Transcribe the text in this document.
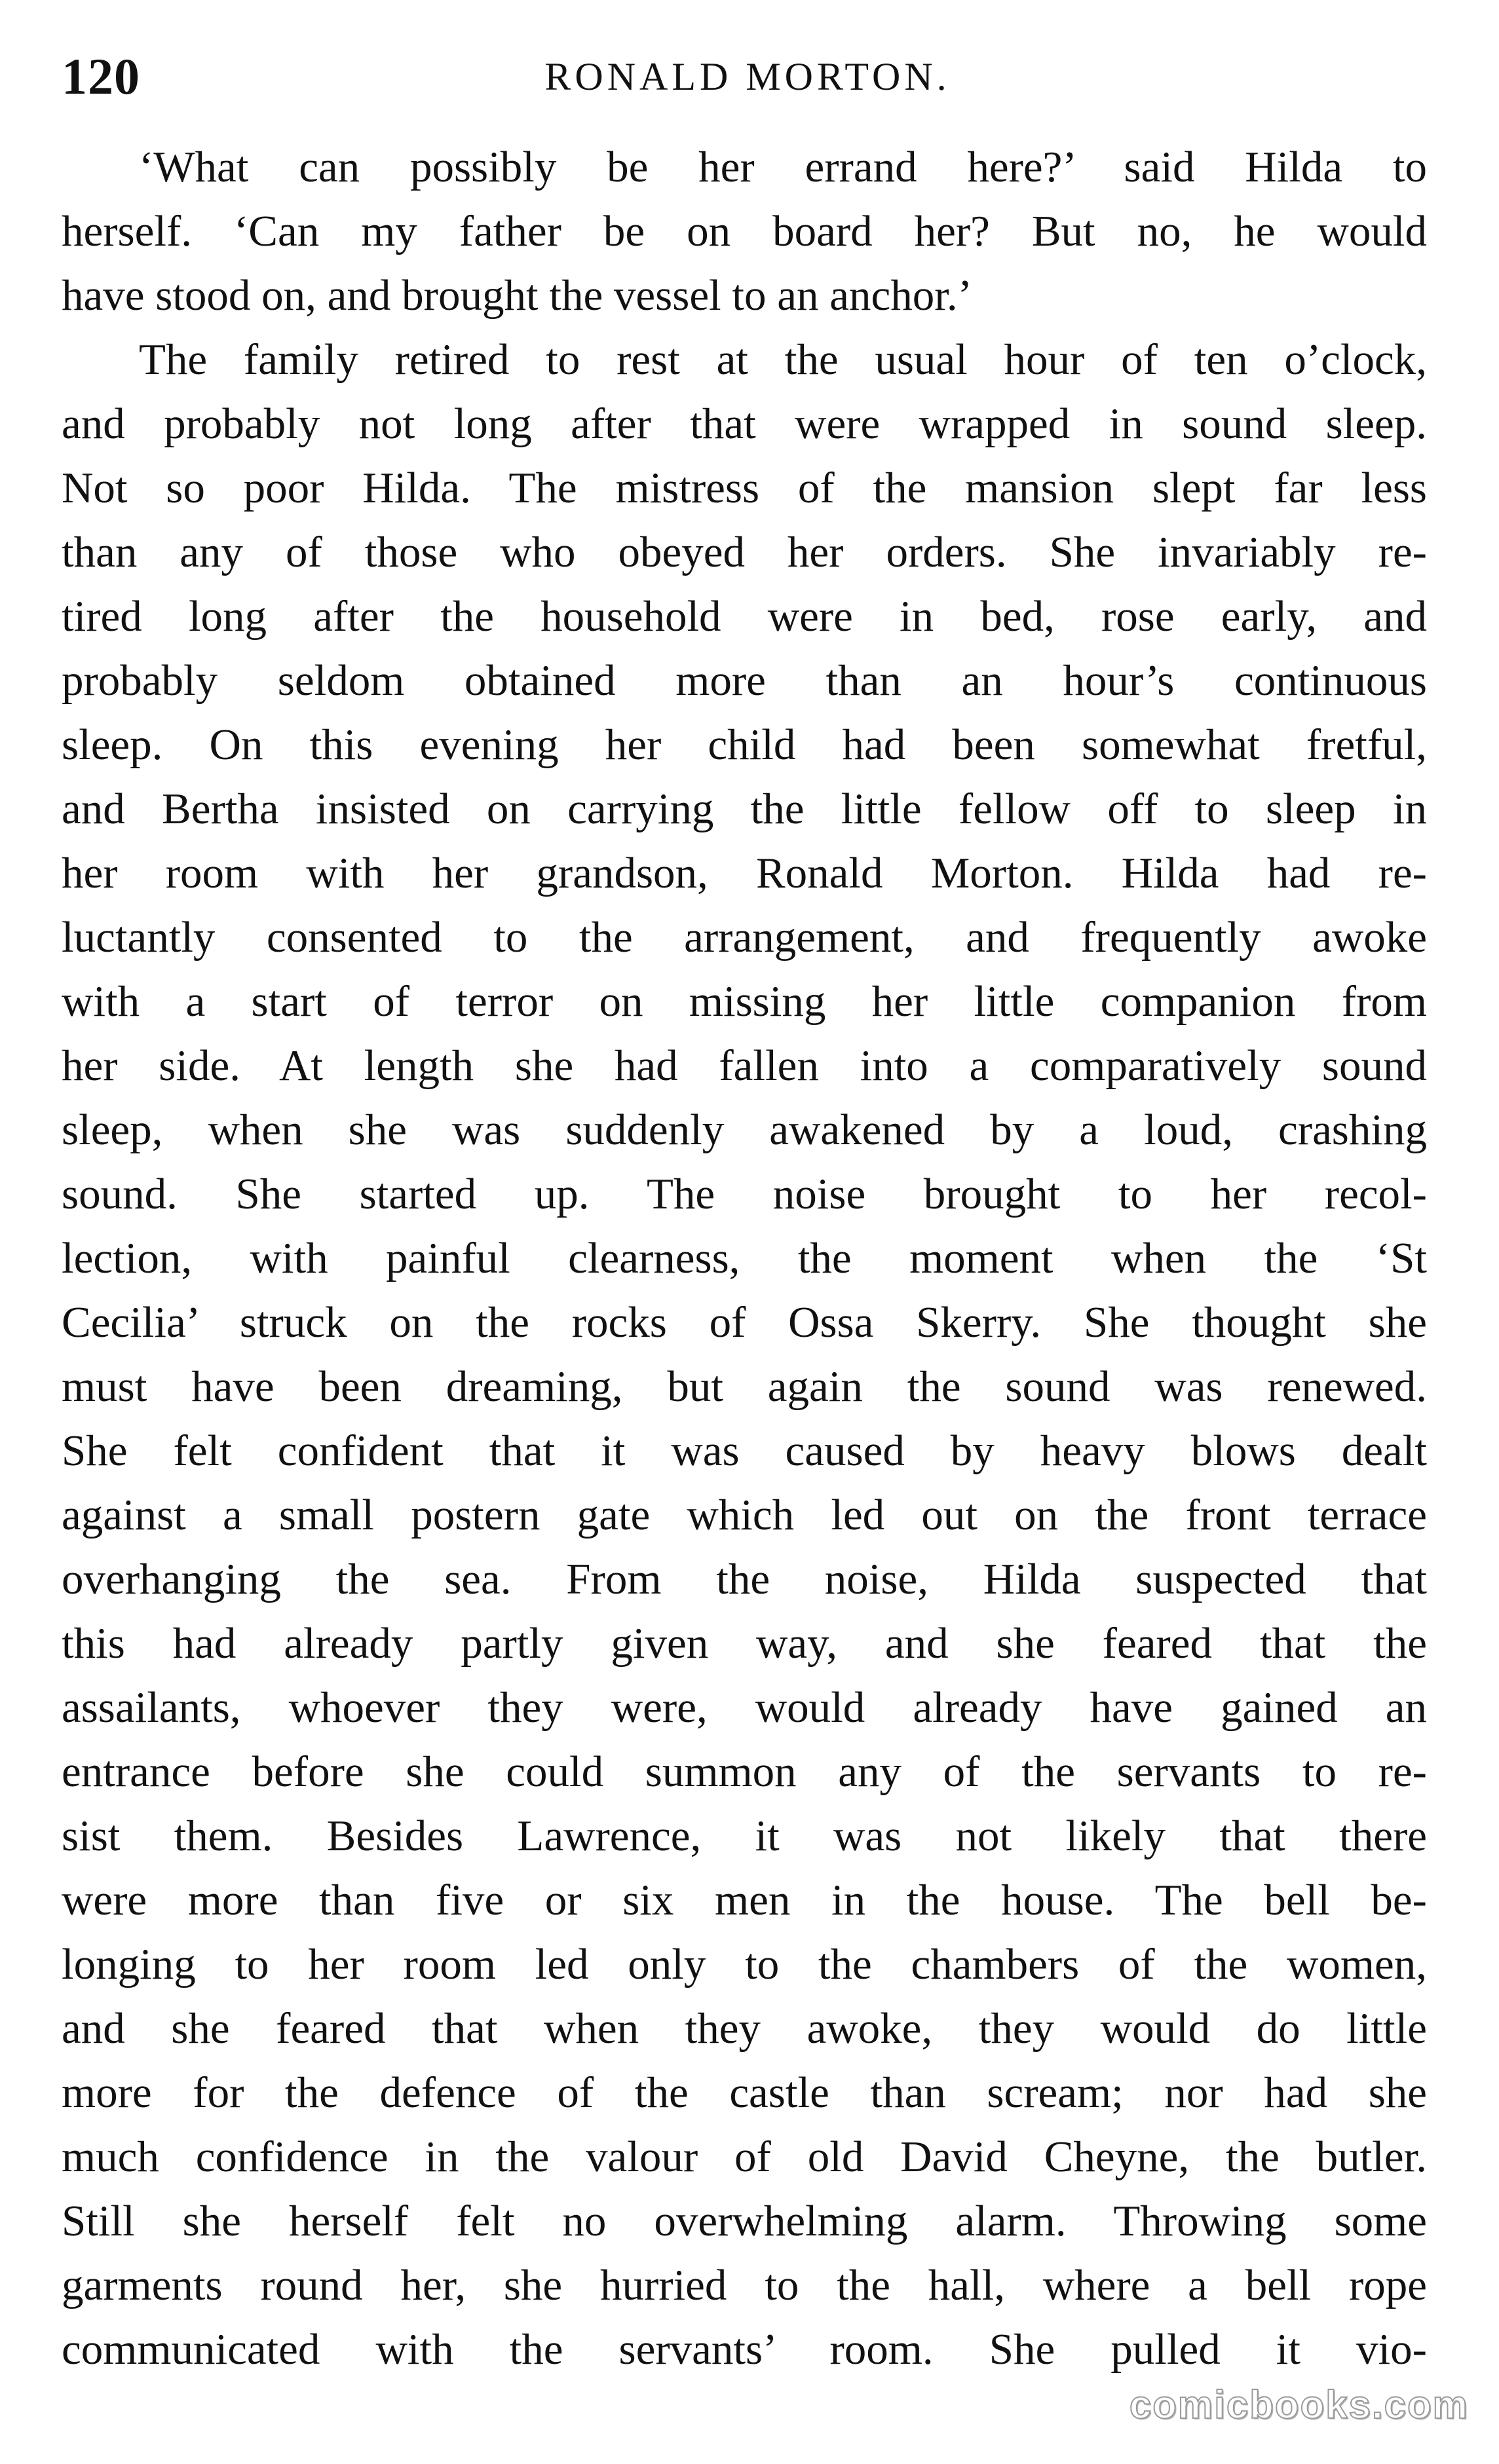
120	RONALD MORTON.
‘What can possibly be her errand here?’ said Hilda to
herself. ‘Can my father be on board her? But no, he would
have stood on, and brought the vessel to an anchor.’
The family retired to rest at the usual hour of ten o’clock,
and probably not long after that were wrapped in sound sleep.
Not so poor Hilda. The mistress of the mansion slept far less
than any of those who obeyed her orders. She invariably re-
tired long after the household were in bed, rose early, and
probably seldom obtained more than an hour’s continuous
sleep. On this evening her child had been somewhat fretful,
and Bertha insisted on carrying the little fellow off to sleep in
her room with her grandson, Ronald Morton. Hilda had re-
luctantly consented to the arrangement, and frequently awoke
with a start of terror on missing her little companion from
her side. At length she had fallen into a comparatively sound
sleep, when she was suddenly awakened by a loud, crashing
sound. She started up. The noise brought to her recol-
lection, with painful clearness, the moment when the ‘St
Cecilia’ struck on the rocks of Ossa Skerry. She thought she
must have been dreaming, but again the sound was renewed.
She felt confident that it was caused by heavy blows dealt
against a small postern gate which led out on the front terrace
overhanging the sea. From the noise, Hilda suspected that
this had already partly given way, and she feared that the
assailants, whoever they were, would already have gained an
entrance before she could summon any of the servants to re-
sist them. Besides Lawrence, it was not likely that there
were more than five or six men in the house. The bell be-
longing to her room led only to the chambers of the women,
and she feared that when they awoke, they would do little
more for the defence of the castle than scream; nor had she
much confidence in the valour of old David Cheyne, the butler.
Still she herself felt no overwhelming alarm. Throwing some
garments round her, she hurried to the hall, where a bell rope
communicated with the servants’ room. She pulled it vio-
comicbooks.com
